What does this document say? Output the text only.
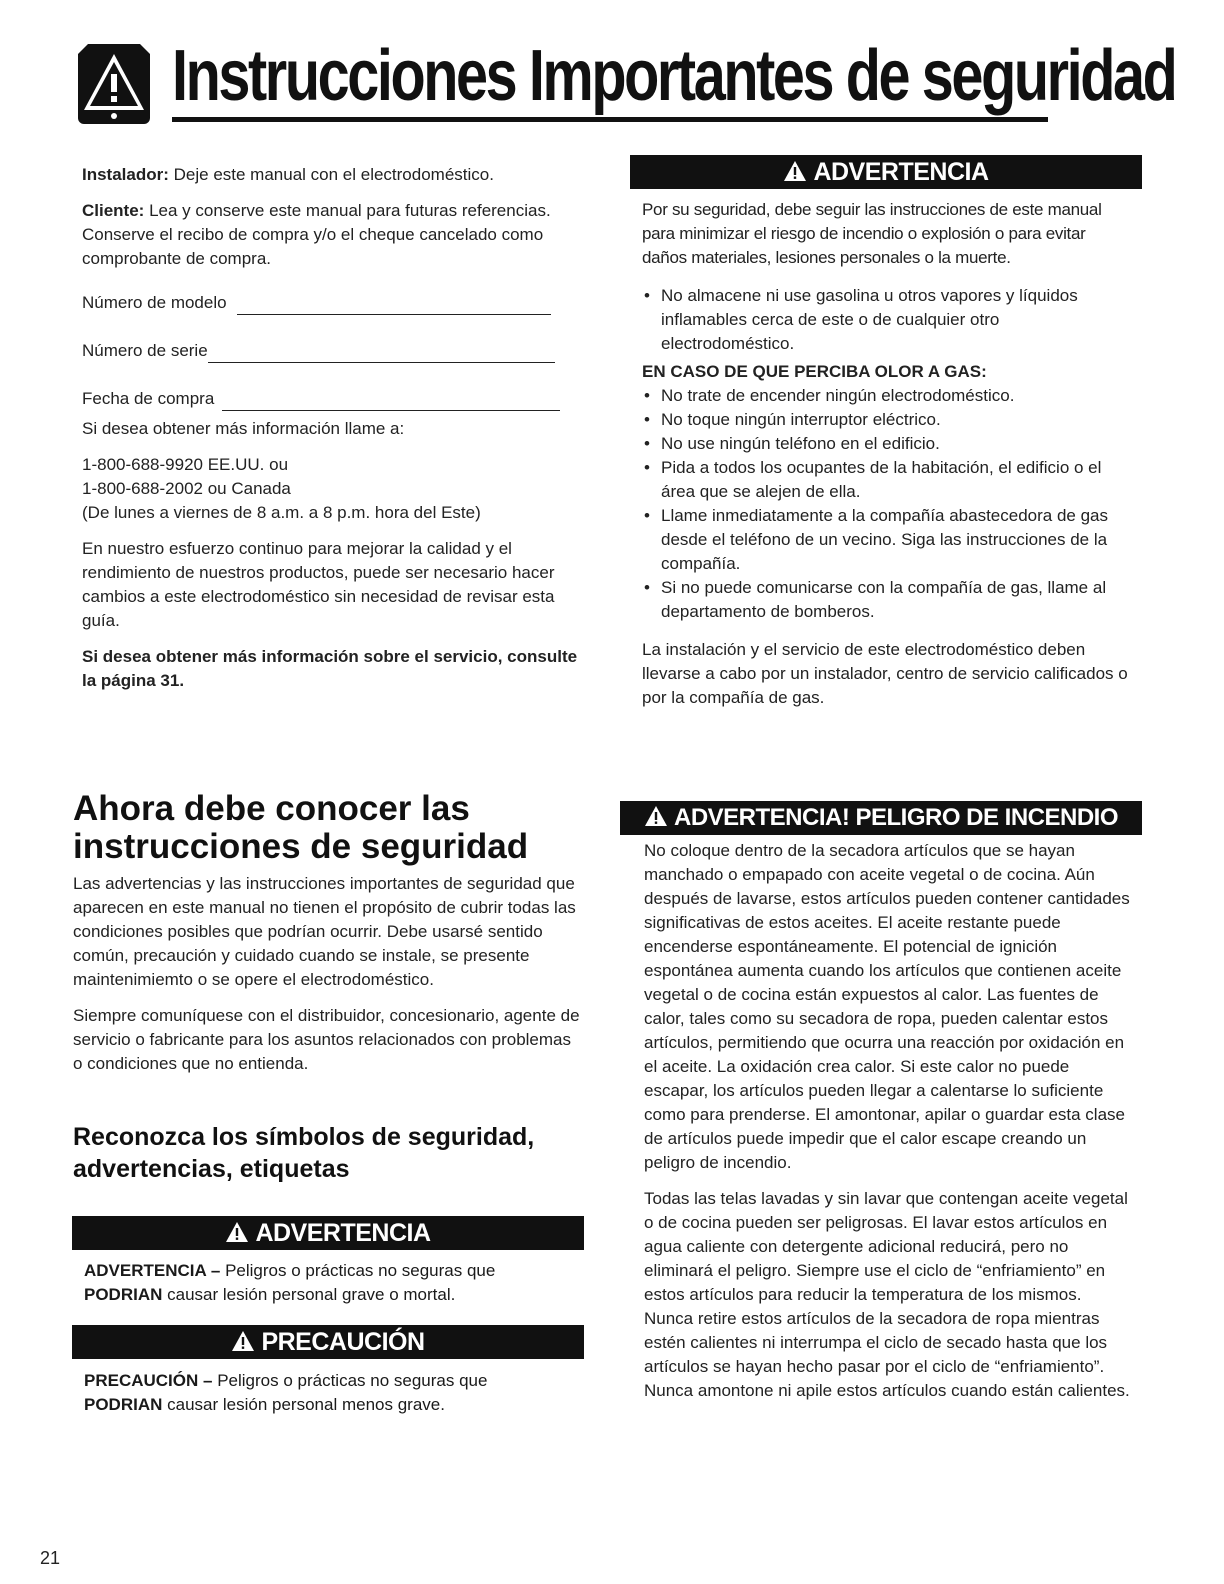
Instrucciones Importantes de seguridad

Instalador: Deje este manual con el electrodoméstico.

Cliente: Lea y conserve este manual para futuras referencias. Conserve el recibo de compra y/o el cheque cancelado como comprobante de compra.

Número de modelo
Número de serie
Fecha de compra

Si desea obtener más información llame a:

1-800-688-9920 EE.UU. ou

1-800-688-2002 ou Canada

(De lunes a viernes de 8 a.m. a 8 p.m. hora del Este)

En nuestro esfuerzo continuo para mejorar la calidad y el rendimiento de nuestros productos, puede ser necesario hacer cambios a este electrodoméstico sin necesidad de revisar esta guía.

Si desea obtener más información sobre el servicio, consulte la página 31.

ADVERTENCIA

Por su seguridad, debe seguir las instrucciones de este manual para minimizar el riesgo de incendio o explosión o para evitar daños materiales, lesiones personales o la muerte.

• No almacene ni use gasolina u otros vapores y líquidos inflamables cerca de este o de cualquier otro electrodoméstico.

EN CASO DE QUE PERCIBA OLOR A GAS:

• No trate de encender ningún electrodoméstico.
• No toque ningún interruptor eléctrico.
• No use ningún teléfono en el edificio.
• Pida a todos los ocupantes de la habitación, el edificio o el área que se alejen de ella.
• Llame inmediatamente a la compañía abastecedora de gas desde el teléfono de un vecino. Siga las instrucciones de la compañía.
• Si no puede comunicarse con la compañía de gas, llame al departamento de bomberos.

La instalación y el servicio de este electrodoméstico deben llevarse a cabo por un instalador, centro de servicio calificados o por la compañía de gas.

Ahora debe conocer las instrucciones de seguridad

Las advertencias y las instrucciones importantes de seguridad que aparecen en este manual no tienen el propósito de cubrir todas las condiciones posibles que podrían ocurrir. Debe usarsé sentido común, precaución y cuidado cuando se instale, se presente maintenimiemto o se opere el electrodoméstico.

Siempre comuníquese con el distribuidor, concesionario, agente de servicio o fabricante para los asuntos relacionados con problemas o condiciones que no entienda.

Reconozca los símbolos de seguridad, advertencias, etiquetas
ADVERTENCIA
ADVERTENCIA – Peligros o prácticas no seguras que
PODRIAN causar lesión personal grave o mortal.
PRECAUCIÓN
PRECAUCIÓN – Peligros o prácticas no seguras que
PODRIAN causar lesión personal menos grave.
ADVERTENCIA! PELIGRO DE INCENDIO

No coloque dentro de la secadora artículos que se hayan manchado o empapado con aceite vegetal o de cocina. Aún después de lavarse, estos artículos pueden contener cantidades significativas de estos aceites. El aceite restante puede encenderse espontáneamente. El potencial de ignición espontánea aumenta cuando los artículos que contienen aceite vegetal o de cocina están expuestos al calor. Las fuentes de calor, tales como su secadora de ropa, pueden calentar estos artículos, permitiendo que ocurra una reacción por oxidación en el aceite. La oxidación crea calor. Si este calor no puede escapar, los artículos pueden llegar a calentarse lo suficiente como para prenderse. El amontonar, apilar o guardar esta clase de artículos puede impedir que el calor escape creando un peligro de incendio.

Todas las telas lavadas y sin lavar que contengan aceite vegetal o de cocina pueden ser peligrosas. El lavar estos artículos en agua caliente con detergente adicional reducirá, pero no eliminará el peligro. Siempre use el ciclo de “enfriamiento” en estos artículos para reducir la temperatura de los mismos. Nunca retire estos artículos de la secadora de ropa mientras estén calientes ni interrumpa el ciclo de secado hasta que los artículos se hayan hecho pasar por el ciclo de “enfriamiento”. Nunca amontone ni apile estos artículos cuando están calientes.

21
